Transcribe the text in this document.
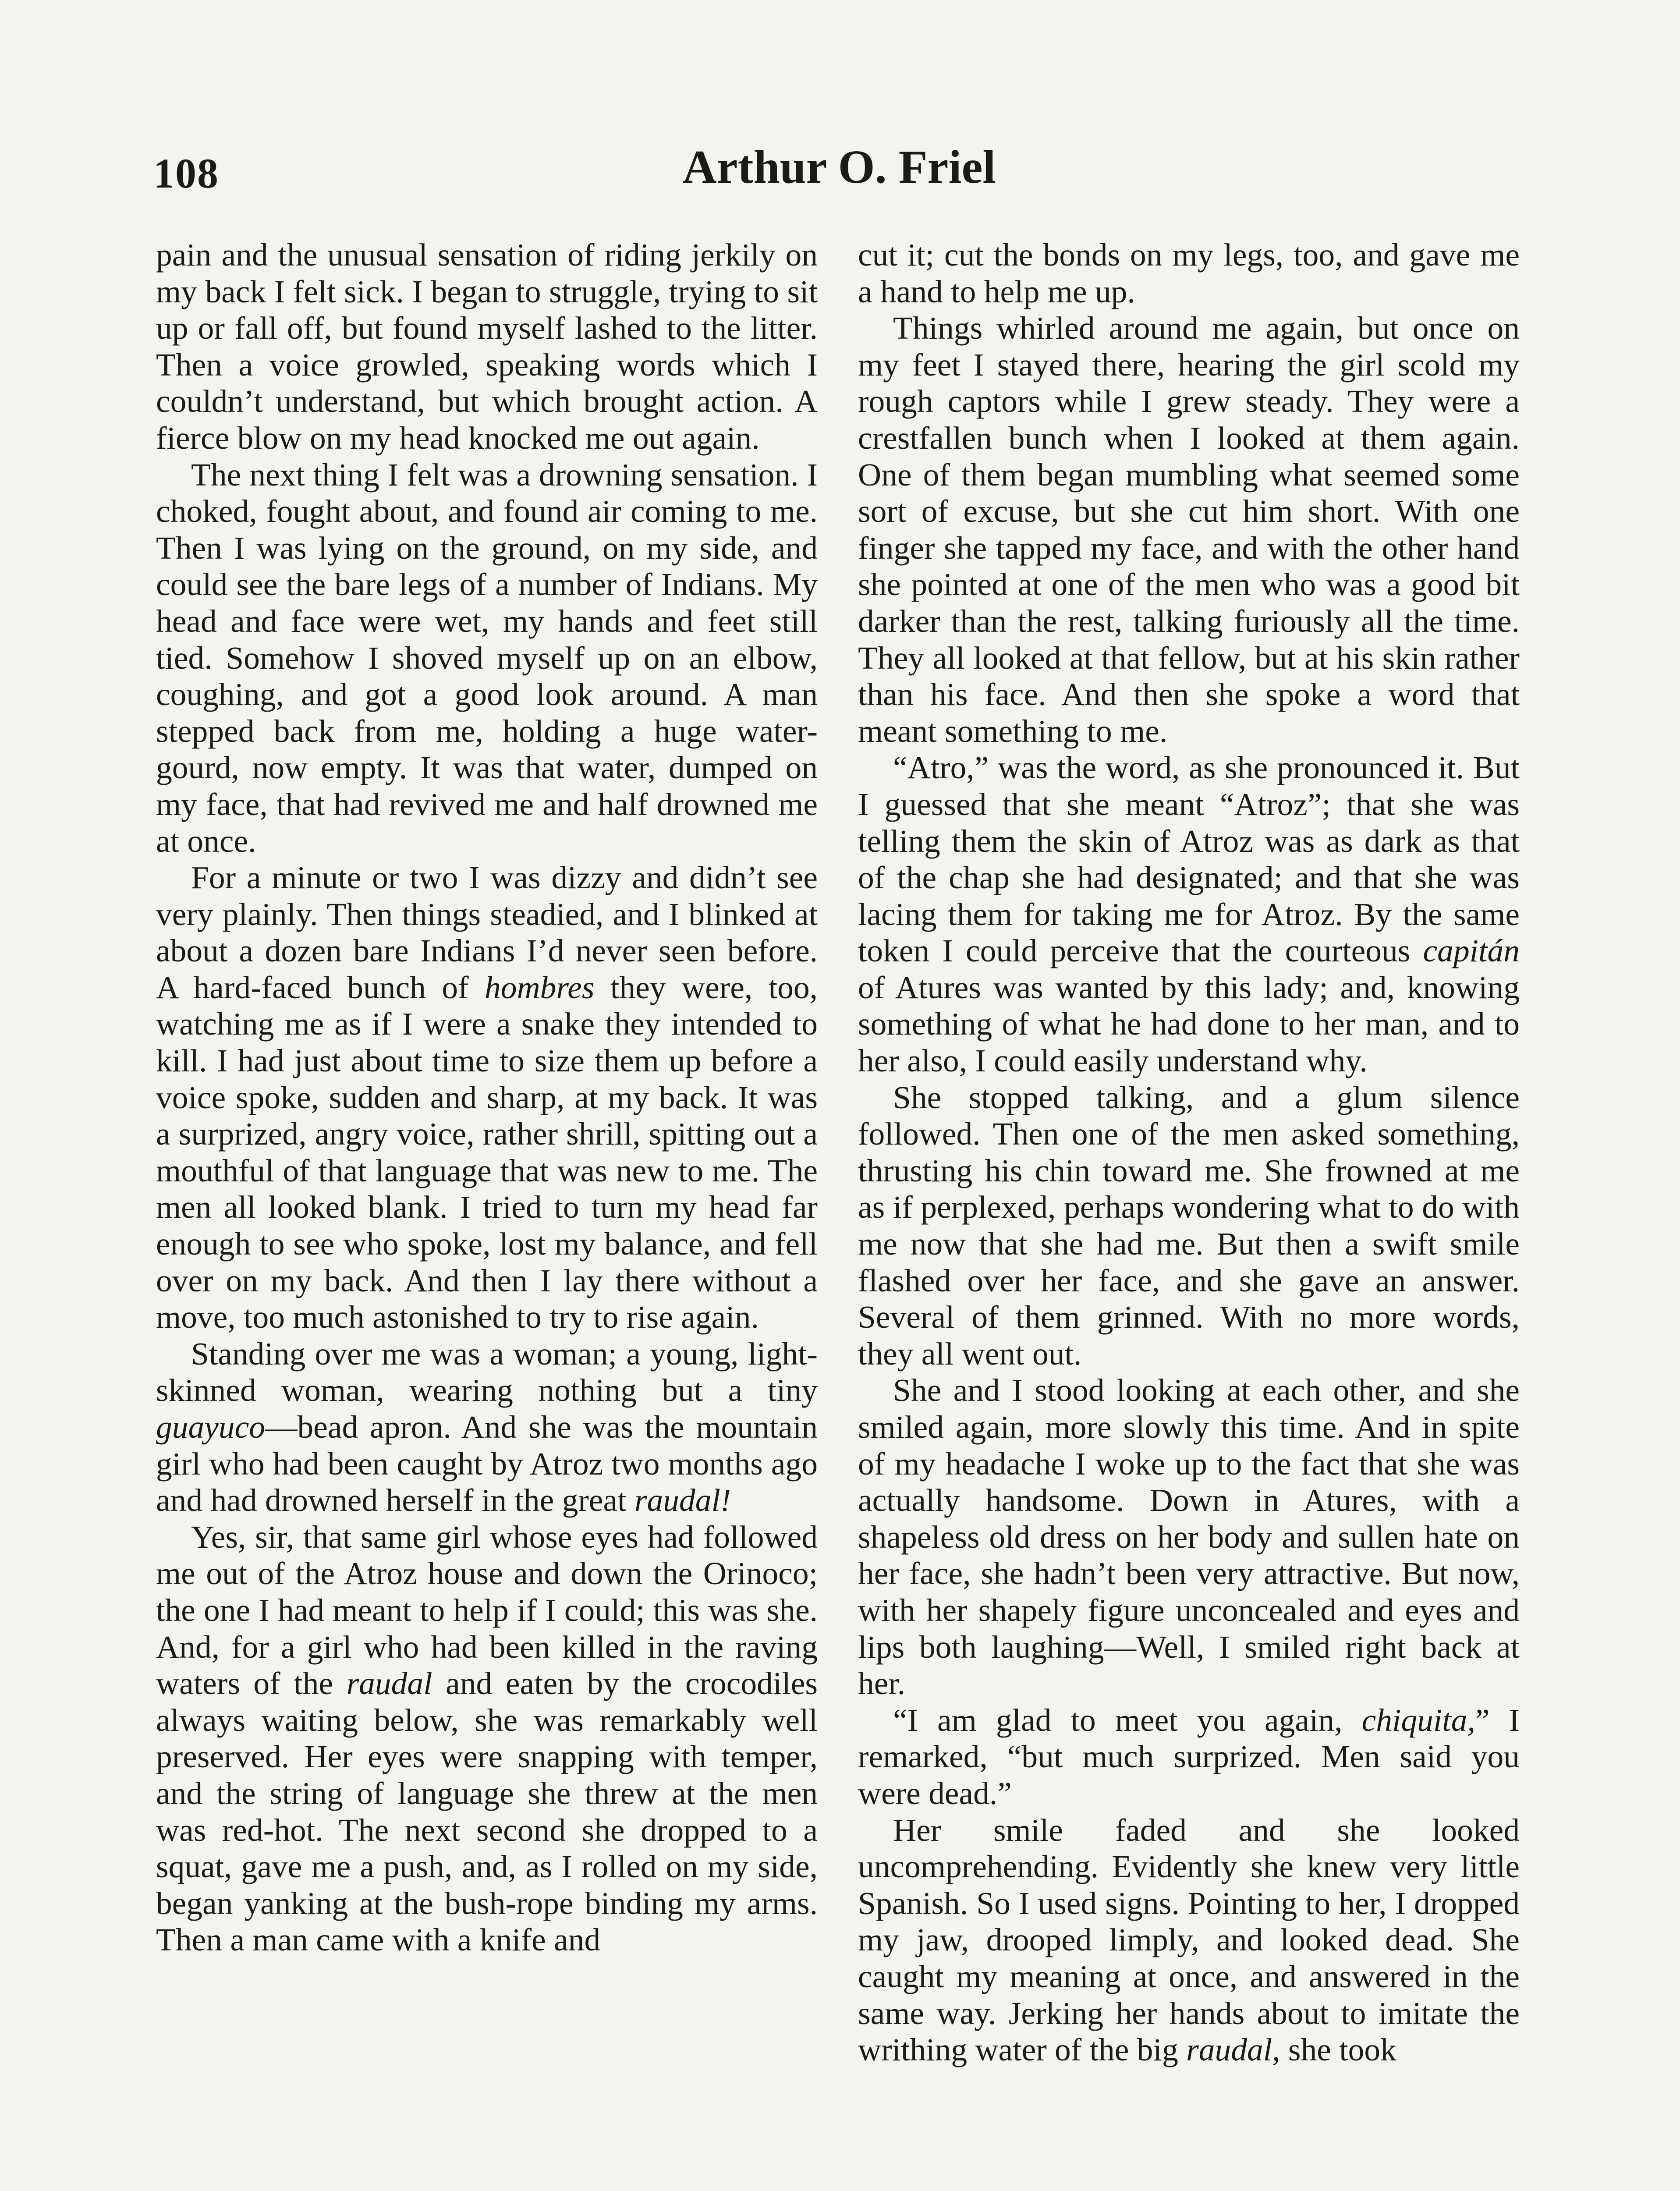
108	Arthur O. Friel

pain and the unusual sensation of riding jerkily on my back I felt sick. I began to struggle, trying to sit up or fall off, but found myself lashed to the litter. Then a voice growled, speaking words which I couldn’t understand, but which brought action. A fierce blow on my head knocked me out again.

The next thing I felt was a drowning sensation. I choked, fought about, and found air coming to me. Then I was lying on the ground, on my side, and could see the bare legs of a number of Indians. My head and face were wet, my hands and feet still tied. Somehow I shoved myself up on an elbow, coughing, and got a good look around. A man stepped back from me, holding a huge water-gourd, now empty. It was that water, dumped on my face, that had revived me and half drowned me at once.

For a minute or two I was dizzy and didn’t see very plainly. Then things steadied, and I blinked at about a dozen bare Indians I’d never seen before. A hard-faced bunch of hombres they were, too, watching me as if I were a snake they intended to kill. I had just about time to size them up before a voice spoke, sudden and sharp, at my back. It was a surprized, angry voice, rather shrill, spitting out a mouthful of that language that was new to me. The men all looked blank. I tried to turn my head far enough to see who spoke, lost my balance, and fell over on my back. And then I lay there without a move, too much astonished to try to rise again.

Standing over me was a woman; a young, light-skinned woman, wearing nothing but a tiny guayuco—bead apron. And she was the mountain girl who had been caught by Atroz two months ago and had drowned herself in the great raudal!

Yes, sir, that same girl whose eyes had followed me out of the Atroz house and down the Orinoco; the one I had meant to help if I could; this was she. And, for a girl who had been killed in the raving waters of the raudal and eaten by the crocodiles always waiting below, she was remarkably well preserved. Her eyes were snapping with temper, and the string of language she threw at the men was red-hot. The next second she dropped to a squat, gave me a push, and, as I rolled on my side, began yanking at the bush-rope binding my arms. Then a man came with a knife and

cut it; cut the bonds on my legs, too, and gave me a hand to help me up.

Things whirled around me again, but once on my feet I stayed there, hearing the girl scold my rough captors while I grew steady. They were a crestfallen bunch when I looked at them again. One of them began mumbling what seemed some sort of excuse, but she cut him short. With one finger she tapped my face, and with the other hand she pointed at one of the men who was a good bit darker than the rest, talking furiously all the time. They all looked at that fellow, but at his skin rather than his face. And then she spoke a word that meant something to me.

“Atro,” was the word, as she pronounced it. But I guessed that she meant “Atroz”; that she was telling them the skin of Atroz was as dark as that of the chap she had designated; and that she was lacing them for taking me for Atroz. By the same token I could perceive that the courteous capitán of Atures was wanted by this lady; and, knowing something of what he had done to her man, and to her also, I could easily understand why.

She stopped talking, and a glum silence followed. Then one of the men asked something, thrusting his chin toward me. She frowned at me as if perplexed, perhaps wondering what to do with me now that she had me. But then a swift smile flashed over her face, and she gave an answer. Several of them grinned. With no more words, they all went out.

She and I stood looking at each other, and she smiled again, more slowly this time. And in spite of my headache I woke up to the fact that she was actually handsome. Down in Atures, with a shapeless old dress on her body and sullen hate on her face, she hadn’t been very attractive. But now, with her shapely figure unconcealed and eyes and lips both laughing—Well, I smiled right back at her.

“I am glad to meet you again, chiquita,” I remarked, “but much surprized. Men said you were dead.”

Her smile faded and she looked uncomprehending. Evidently she knew very little Spanish. So I used signs. Pointing to her, I dropped my jaw, drooped limply, and looked dead. She caught my meaning at once, and answered in the same way. Jerking her hands about to imitate the writhing water of the big raudal, she took
